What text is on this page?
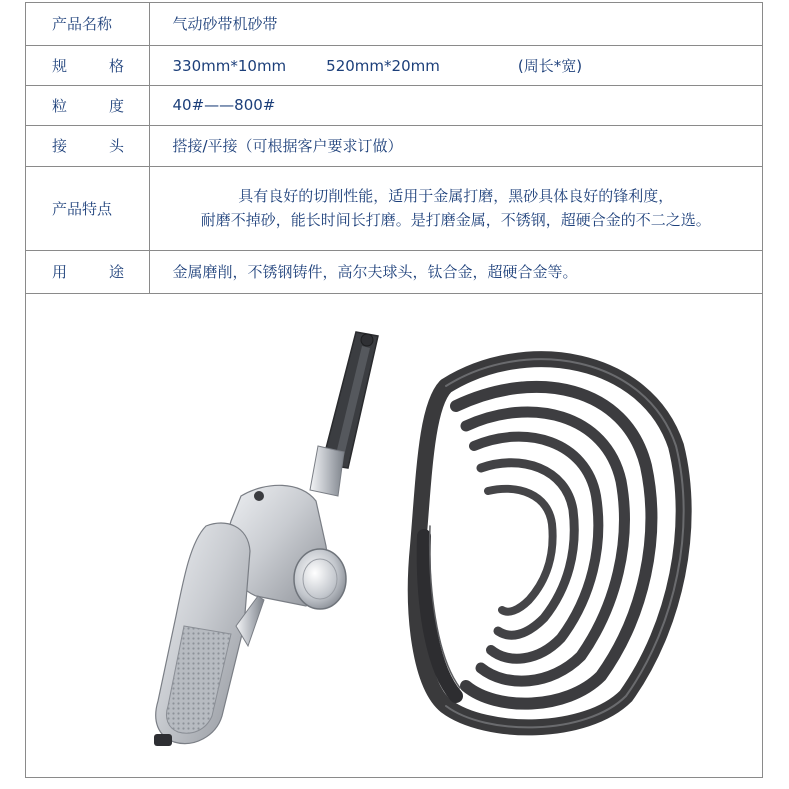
产品名称	气动砂带机砂带

规 格	330mm*10mm 520mm*20mm (周长*宽)

粒 度	40#——800#

接 头	搭接/平接（可根据客户要求订做）
产品特点	具有良好的切削性能，适用于金属打磨，黑砂具体良好的锋利度，
耐磨不掉砂，能长时间长打磨。是打磨金属，不锈钢，超硬合金的不二之选。

用 途	金属磨削，不锈钢铸件，高尔夫球头，钛合金，超硬合金等。
